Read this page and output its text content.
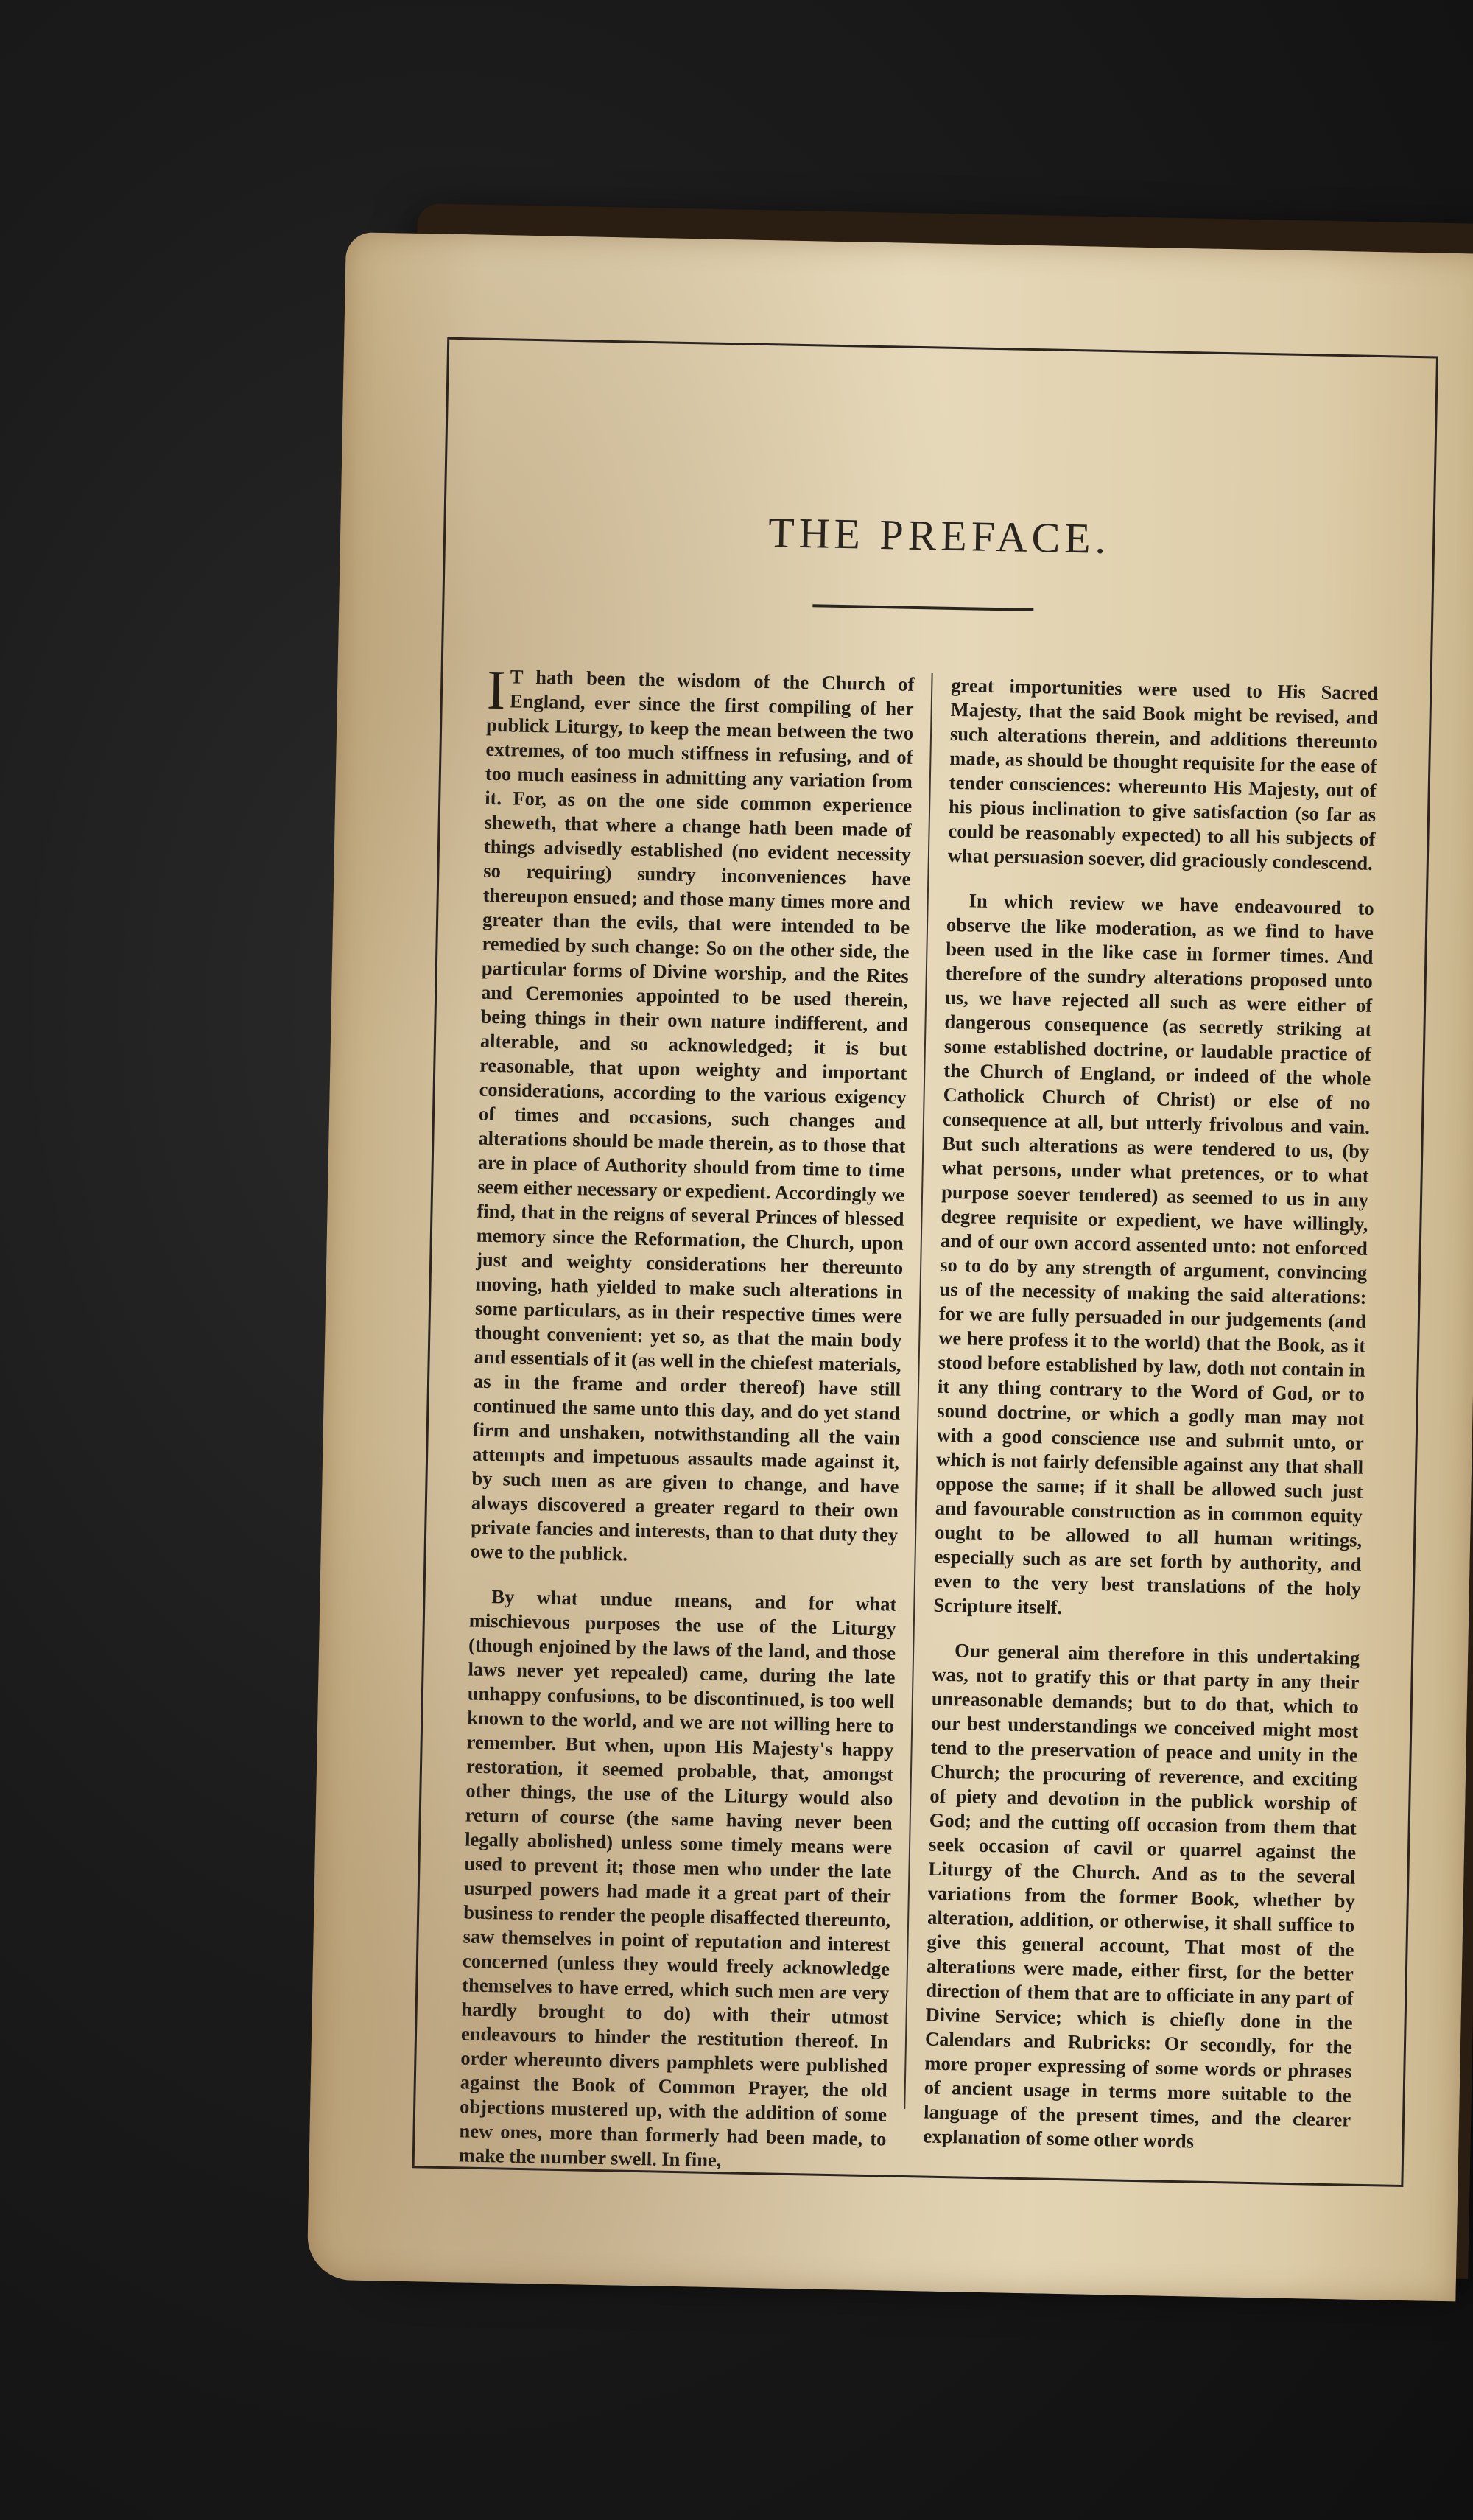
THE PREFACE.

I T hath been the wisdom of the Church of England, ever since the first compiling of her publick Liturgy, to keep the mean between the two extremes, of too much stiffness in refusing, and of too much easiness in admitting any variation from it. For, as on the one side common experience sheweth, that where a change hath been made of things advisedly established (no evident necessity so requiring) sundry inconveniences have thereupon ensued; and those many times more and greater than the evils, that were intended to be remedied by such change: So on the other side, the particular forms of Divine worship, and the Rites and Ceremonies appointed to be used therein, being things in their own nature indifferent, and alterable, and so acknowledged; it is but reasonable, that upon weighty and important considerations, according to the various exigency of times and occasions, such changes and alterations should be made therein, as to those that are in place of Authority should from time to time seem either necessary or expedient. Accordingly we find, that in the reigns of several Princes of blessed memory since the Reformation, the Church, upon just and weighty considerations her thereunto moving, hath yielded to make such alterations in some particulars, as in their respective times were thought convenient: yet so, as that the main body and essentials of it (as well in the chiefest materials, as in the frame and order thereof) have still continued the same unto this day, and do yet stand firm and unshaken, notwithstanding all the vain attempts and impetuous assaults made against it, by such men as are given to change, and have always discovered a greater regard to their own private fancies and interests, than to that duty they owe to the publick.

By what undue means, and for what mischievous purposes the use of the Liturgy (though enjoined by the laws of the land, and those laws never yet repealed) came, during the late unhappy confusions, to be discontinued, is too well known to the world, and we are not willing here to remember. But when, upon His Majesty's happy restoration, it seemed probable, that, amongst other things, the use of the Liturgy would also return of course (the same having never been legally abolished) unless some timely means were used to prevent it; those men who under the late usurped powers had made it a great part of their business to render the people disaffected thereunto, saw themselves in point of reputation and interest concerned (unless they would freely acknowledge themselves to have erred, which such men are very hardly brought to do) with their utmost endeavours to hinder the restitution thereof. In order whereunto divers pamphlets were published against the Book of Common Prayer, the old objections mustered up, with the addition of some new ones, more than formerly had been made, to make the number swell. In fine,

great importunities were used to His Sacred Majesty, that the said Book might be revised, and such alterations therein, and additions thereunto made, as should be thought requisite for the ease of tender consciences: whereunto His Majesty, out of his pious inclination to give satisfaction (so far as could be reasonably expected) to all his subjects of what persuasion soever, did graciously condescend.

In which review we have endeavoured to observe the like moderation, as we find to have been used in the like case in former times. And therefore of the sundry alterations proposed unto us, we have rejected all such as were either of dangerous consequence (as secretly striking at some established doctrine, or laudable practice of the Church of England, or indeed of the whole Catholick Church of Christ) or else of no consequence at all, but utterly frivolous and vain. But such alterations as were tendered to us, (by what persons, under what pretences, or to what purpose soever tendered) as seemed to us in any degree requisite or expedient, we have willingly, and of our own accord assented unto: not enforced so to do by any strength of argument, convincing us of the necessity of making the said alterations: for we are fully persuaded in our judgements (and we here profess it to the world) that the Book, as it stood before established by law, doth not contain in it any thing contrary to the Word of God, or to sound doctrine, or which a godly man may not with a good conscience use and submit unto, or which is not fairly defensible against any that shall oppose the same; if it shall be allowed such just and favourable construction as in common equity ought to be allowed to all human writings, especially such as are set forth by authority, and even to the very best translations of the holy Scripture itself.

Our general aim therefore in this undertaking was, not to gratify this or that party in any their unreasonable demands; but to do that, which to our best understandings we conceived might most tend to the preservation of peace and unity in the Church; the procuring of reverence, and exciting of piety and devotion in the publick worship of God; and the cutting off occasion from them that seek occasion of cavil or quarrel against the Liturgy of the Church. And as to the several variations from the former Book, whether by alteration, addition, or otherwise, it shall suffice to give this general account, That most of the alterations were made, either first, for the better direction of them that are to officiate in any part of Divine Service; which is chiefly done in the Calendars and Rubricks: Or secondly, for the more proper expressing of some words or phrases of ancient usage in terms more suitable to the language of the present times, and the clearer explanation of some other words
